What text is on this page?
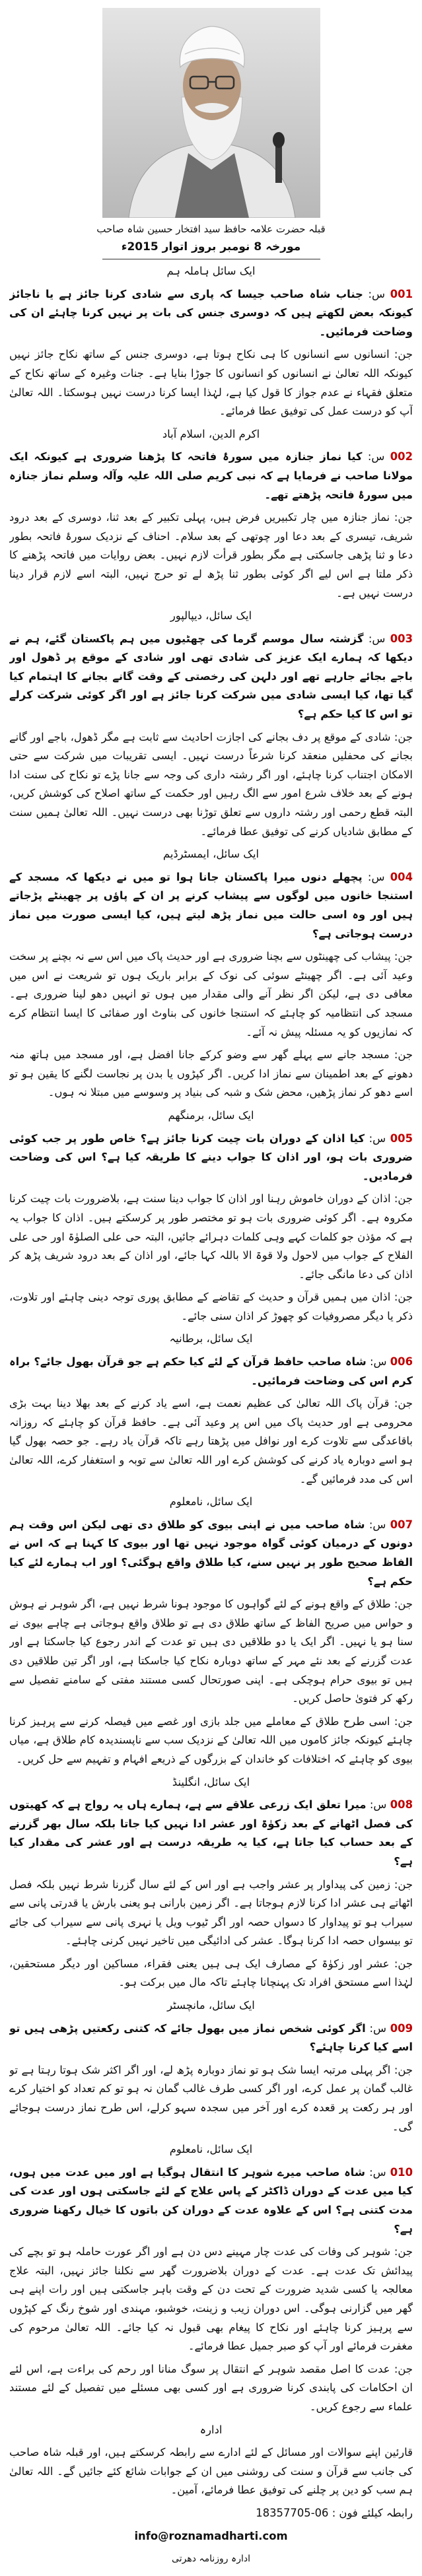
قبلہ حضرت علامہ حافظ سید افتخار حسین شاہ صاحب
مورخہ 8 نومبر بروز اتوار 2015ء

ایک سائل ہاملہ ہم

001 س: جناب شاہ صاحب جیسا کہ پاری سے شادی کرنا جائز ہے یا ناجائز کیونکہ بعض لکھتے ہیں کہ دوسری جنس کی بات پر نہیں کرنا چاہئے ان کی وضاحت فرمائیں۔

جن: انسانوں سے انسانوں کا ہی نکاح ہوتا ہے، دوسری جنس کے ساتھ نکاح جائز نہیں کیونکہ اللہ تعالیٰ نے انسانوں کو انسانوں کا جوڑا بنایا ہے۔ جنات وغیرہ کے ساتھ نکاح کے متعلق فقہاء نے عدم جواز کا قول کیا ہے، لہٰذا ایسا کرنا درست نہیں ہوسکتا۔ اللہ تعالیٰ آپ کو درست عمل کی توفیق عطا فرمائے۔

اکرم الدین، اسلام آباد

002 س: کیا نماز جنازہ میں سورۂ فاتحہ کا پڑھنا ضروری ہے کیونکہ ایک مولانا صاحب نے فرمایا ہے کہ نبی کریم صلی اللہ علیہ وآلہ وسلم نماز جنازہ میں سورۂ فاتحہ پڑھتے تھے۔

جن: نماز جنازہ میں چار تکبیریں فرض ہیں، پہلی تکبیر کے بعد ثنا، دوسری کے بعد درود شریف، تیسری کے بعد دعا اور چوتھی کے بعد سلام۔ احناف کے نزدیک سورۂ فاتحہ بطور دعا و ثنا پڑھی جاسکتی ہے مگر بطور قرأت لازم نہیں۔ بعض روایات میں فاتحہ پڑھنے کا ذکر ملتا ہے اس لیے اگر کوئی بطور ثنا پڑھ لے تو حرج نہیں، البتہ اسے لازم قرار دینا درست نہیں ہے۔

ایک سائل، دیپالپور

003 س: گزشتہ سال موسم گرما کی چھٹیوں میں ہم پاکستان گئے، ہم نے دیکھا کہ ہمارے ایک عزیز کی شادی تھی اور شادی کے موقع پر ڈھول اور باجے بجائے جارہے تھے اور دلہن کی رخصتی کے وقت گانے بجانے کا اہتمام کیا گیا تھا، کیا ایسی شادی میں شرکت کرنا جائز ہے اور اگر کوئی شرکت کرلے تو اس کا کیا حکم ہے؟

جن: شادی کے موقع پر دف بجانے کی اجازت احادیث سے ثابت ہے مگر ڈھول، باجے اور گانے بجانے کی محفلیں منعقد کرنا شرعاً درست نہیں۔ ایسی تقریبات میں شرکت سے حتی الامکان اجتناب کرنا چاہئے، اور اگر رشتہ داری کی وجہ سے جانا پڑے تو نکاح کی سنت ادا ہونے کے بعد خلاف شرع امور سے الگ رہیں اور حکمت کے ساتھ اصلاح کی کوشش کریں، البتہ قطع رحمی اور رشتہ داروں سے تعلق توڑنا بھی درست نہیں۔ اللہ تعالیٰ ہمیں سنت کے مطابق شادیاں کرنے کی توفیق عطا فرمائے۔

ایک سائل، ایمسٹرڈیم

004 س: پچھلے دنوں میرا پاکستان جانا ہوا تو میں نے دیکھا کہ مسجد کے استنجا خانوں میں لوگوں سے پیشاب کرنے پر ان کے پاؤں پر چھینٹے پڑجاتے ہیں اور وہ اسی حالت میں نماز پڑھ لیتے ہیں، کیا ایسی صورت میں نماز درست ہوجاتی ہے؟

جن: پیشاب کی چھینٹوں سے بچنا ضروری ہے اور حدیث پاک میں اس سے نہ بچنے پر سخت وعید آئی ہے۔ اگر چھینٹے سوئی کی نوک کے برابر باریک ہوں تو شریعت نے اس میں معافی دی ہے، لیکن اگر نظر آنے والی مقدار میں ہوں تو انہیں دھو لینا ضروری ہے۔ مسجد کی انتظامیہ کو چاہئے کہ استنجا خانوں کی بناوٹ اور صفائی کا ایسا انتظام کرے کہ نمازیوں کو یہ مسئلہ پیش نہ آئے۔

جن: مسجد جانے سے پہلے گھر سے وضو کرکے جانا افضل ہے، اور مسجد میں ہاتھ منہ دھونے کے بعد اطمینان سے نماز ادا کریں۔ اگر کپڑوں یا بدن پر نجاست لگنے کا یقین ہو تو اسے دھو کر نماز پڑھیں، محض شک و شبہ کی بنیاد پر وسوسے میں مبتلا نہ ہوں۔

ایک سائل، برمنگھم

005 س: کیا اذان کے دوران بات چیت کرنا جائز ہے؟ خاص طور پر جب کوئی ضروری بات ہو، اور اذان کا جواب دینے کا طریقہ کیا ہے؟ اس کی وضاحت فرمادیں۔

جن: اذان کے دوران خاموش رہنا اور اذان کا جواب دینا سنت ہے، بلاضرورت بات چیت کرنا مکروہ ہے۔ اگر کوئی ضروری بات ہو تو مختصر طور پر کرسکتے ہیں۔ اذان کا جواب یہ ہے کہ مؤذن جو کلمات کہے وہی کلمات دہرائے جائیں، البتہ حی علی الصلوٰۃ اور حی علی الفلاح کے جواب میں لاحول ولا قوۃ الا باللہ کہا جائے، اور اذان کے بعد درود شریف پڑھ کر اذان کی دعا مانگی جائے۔

جن: اذان میں ہمیں قرآن و حدیث کے تقاضے کے مطابق پوری توجہ دینی چاہئے اور تلاوت، ذکر یا دیگر مصروفیات کو چھوڑ کر اذان سنی جائے۔

ایک سائل، برطانیہ

006 س: شاہ صاحب حافظ قرآن کے لئے کیا حکم ہے جو قرآن بھول جائے؟ براہ کرم اس کی وضاحت فرمائیں۔

جن: قرآن پاک اللہ تعالیٰ کی عظیم نعمت ہے، اسے یاد کرنے کے بعد بھلا دینا بہت بڑی محرومی ہے اور حدیث پاک میں اس پر وعید آئی ہے۔ حافظ قرآن کو چاہئے کہ روزانہ باقاعدگی سے تلاوت کرے اور نوافل میں پڑھتا رہے تاکہ قرآن یاد رہے۔ جو حصہ بھول گیا ہو اسے دوبارہ یاد کرنے کی کوشش کرے اور اللہ تعالیٰ سے توبہ و استغفار کرے، اللہ تعالیٰ اس کی مدد فرمائیں گے۔

ایک سائل، نامعلوم

007 س: شاہ صاحب میں نے اپنی بیوی کو طلاق دی تھی لیکن اس وقت ہم دونوں کے درمیان کوئی گواہ موجود نہیں تھا اور بیوی کا کہنا ہے کہ اس نے الفاظ صحیح طور پر نہیں سنے، کیا طلاق واقع ہوگئی؟ اور اب ہمارے لئے کیا حکم ہے؟

جن: طلاق کے واقع ہونے کے لئے گواہوں کا موجود ہونا شرط نہیں ہے، اگر شوہر نے ہوش و حواس میں صریح الفاظ کے ساتھ طلاق دی ہے تو طلاق واقع ہوجاتی ہے چاہے بیوی نے سنا ہو یا نہیں۔ اگر ایک یا دو طلاقیں دی ہیں تو عدت کے اندر رجوع کیا جاسکتا ہے اور عدت گزرنے کے بعد نئے مہر کے ساتھ دوبارہ نکاح کیا جاسکتا ہے، اور اگر تین طلاقیں دی ہیں تو بیوی حرام ہوچکی ہے۔ اپنی صورتحال کسی مستند مفتی کے سامنے تفصیل سے رکھ کر فتویٰ حاصل کریں۔

جن: اسی طرح طلاق کے معاملے میں جلد بازی اور غصے میں فیصلہ کرنے سے پرہیز کرنا چاہئے کیونکہ جائز کاموں میں اللہ تعالیٰ کے نزدیک سب سے ناپسندیدہ کام طلاق ہے، میاں بیوی کو چاہئے کہ اختلافات کو خاندان کے بزرگوں کے ذریعے افہام و تفہیم سے حل کریں۔

ایک سائل، انگلینڈ

008 س: میرا تعلق ایک زرعی علاقے سے ہے، ہمارے ہاں یہ رواج ہے کہ کھیتوں کی فصل اٹھانے کے بعد زکوٰۃ اور عشر ادا نہیں کیا جاتا بلکہ سال بھر گزرنے کے بعد حساب کیا جاتا ہے، کیا یہ طریقہ درست ہے اور عشر کی مقدار کیا ہے؟

جن: زمین کی پیداوار پر عشر واجب ہے اور اس کے لئے سال گزرنا شرط نہیں بلکہ فصل اٹھاتے ہی عشر ادا کرنا لازم ہوجاتا ہے۔ اگر زمین بارانی ہو یعنی بارش یا قدرتی پانی سے سیراب ہو تو پیداوار کا دسواں حصہ اور اگر ٹیوب ویل یا نہری پانی سے سیراب کی جائے تو بیسواں حصہ ادا کرنا ہوگا۔ عشر کی ادائیگی میں تاخیر نہیں کرنی چاہئے۔

جن: عشر اور زکوٰۃ کے مصارف ایک ہی ہیں یعنی فقراء، مساکین اور دیگر مستحقین، لہٰذا اسے مستحق افراد تک پہنچانا چاہئے تاکہ مال میں برکت ہو۔

ایک سائل، مانچسٹر

009 س: اگر کوئی شخص نماز میں بھول جائے کہ کتنی رکعتیں پڑھی ہیں تو اسے کیا کرنا چاہئے؟

جن: اگر پہلی مرتبہ ایسا شک ہو تو نماز دوبارہ پڑھ لے، اور اگر اکثر شک ہوتا رہتا ہے تو غالب گمان پر عمل کرے، اور اگر کسی طرف غالب گمان نہ ہو تو کم تعداد کو اختیار کرے اور ہر رکعت پر قعدہ کرے اور آخر میں سجدہ سہو کرلے، اس طرح نماز درست ہوجائے گی۔

ایک سائل، نامعلوم

010 س: شاہ صاحب میرے شوہر کا انتقال ہوگیا ہے اور میں عدت میں ہوں، کیا میں عدت کے دوران ڈاکٹر کے پاس علاج کے لئے جاسکتی ہوں اور عدت کی مدت کتنی ہے؟ اس کے علاوہ عدت کے دوران کن باتوں کا خیال رکھنا ضروری ہے؟

جن: شوہر کی وفات کی عدت چار مہینے دس دن ہے اور اگر عورت حاملہ ہو تو بچے کی پیدائش تک عدت ہے۔ عدت کے دوران بلاضرورت گھر سے نکلنا جائز نہیں، البتہ علاج معالجہ یا کسی شدید ضرورت کے تحت دن کے وقت باہر جاسکتی ہیں اور رات اپنے ہی گھر میں گزارنی ہوگی۔ اس دوران زیب و زینت، خوشبو، مہندی اور شوخ رنگ کے کپڑوں سے پرہیز کرنا چاہئے اور نکاح کا پیغام بھی قبول نہ کیا جائے۔ اللہ تعالیٰ مرحوم کی مغفرت فرمائے اور آپ کو صبر جمیل عطا فرمائے۔

جن: عدت کا اصل مقصد شوہر کے انتقال پر سوگ منانا اور رحم کی براءت ہے، اس لئے ان احکامات کی پابندی کرنا ضروری ہے اور کسی بھی مسئلے میں تفصیل کے لئے مستند علماء سے رجوع کریں۔

ادارہ

قارئین اپنے سوالات اور مسائل کے لئے ادارے سے رابطہ کرسکتے ہیں، اور قبلہ شاہ صاحب کی جانب سے قرآن و سنت کی روشنی میں ان کے جوابات شائع کئے جائیں گے۔ اللہ تعالیٰ ہم سب کو دین پر چلنے کی توفیق عطا فرمائے، آمین۔

رابطہ کیلئے فون : 06-18357705

info@roznamadharti.com

ادارہ روزنامہ دھرتی
